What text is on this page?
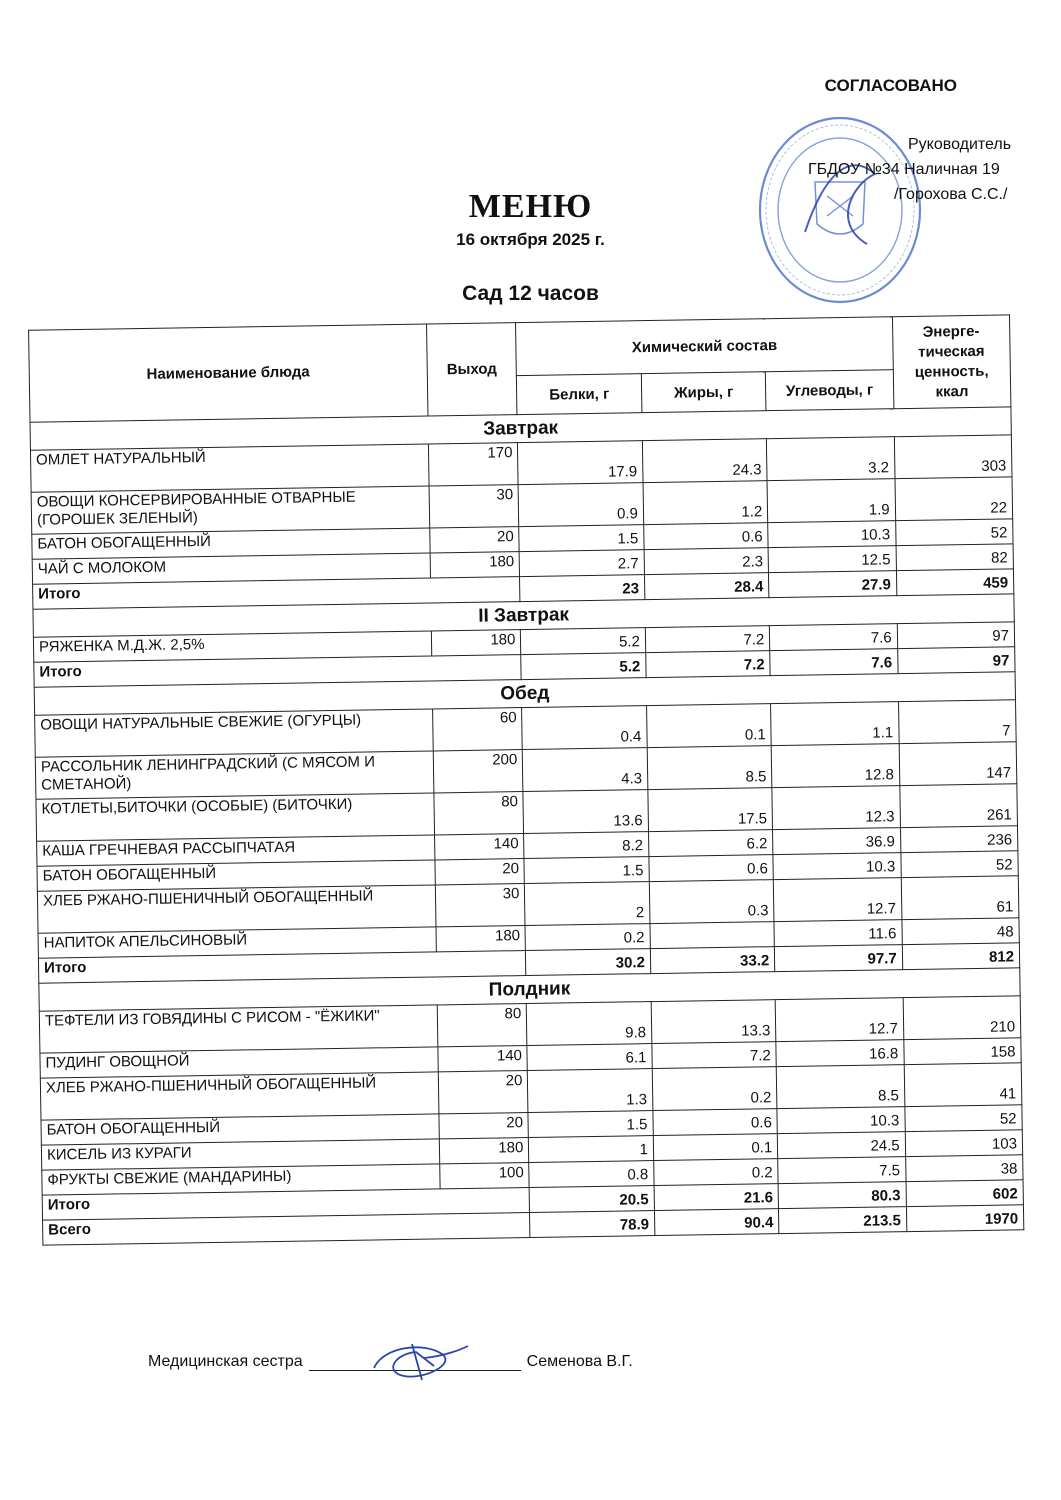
СОГЛАСОВАНО
Руководитель
ГБДОУ №34 Наличная 19
/Горохова С.С./
МЕНЮ
16 октября 2025 г.
Сад 12 часов
Наименование блюда	Выход	Химический состав			Энерге-тическая ценность, ккал
		Белки, г	Жиры, г	Углеводы, г	
Завтрак					
ОМЛЕТ НАТУРАЛЬНЫЙ	170	17.9	24.3	3.2	303
ОВОЩИ КОНСЕРВИРОВАННЫЕ ОТВАРНЫЕ (ГОРОШЕК ЗЕЛЕНЫЙ)	30	0.9	1.2	1.9	22
БАТОН ОБОГАЩЕННЫЙ	20	1.5	0.6	10.3	52
ЧАЙ С МОЛОКОМ	180	2.7	2.3	12.5	82
Итого		23	28.4	27.9	459
II Завтрак					
РЯЖЕНКА М.Д.Ж. 2,5%	180	5.2	7.2	7.6	97
Итого		5.2	7.2	7.6	97
Обед					
ОВОЩИ НАТУРАЛЬНЫЕ СВЕЖИЕ (ОГУРЦЫ)	60	0.4	0.1	1.1	7
РАССОЛЬНИК ЛЕНИНГРАДСКИЙ (С МЯСОМ И СМЕТАНОЙ)	200	4.3	8.5	12.8	147
КОТЛЕТЫ,БИТОЧКИ (ОСОБЫЕ) (БИТОЧКИ)	80	13.6	17.5	12.3	261
КАША ГРЕЧНЕВАЯ РАССЫПЧАТАЯ	140	8.2	6.2	36.9	236
БАТОН ОБОГАЩЕННЫЙ	20	1.5	0.6	10.3	52
ХЛЕБ РЖАНО-ПШЕНИЧНЫЙ ОБОГАЩЕННЫЙ	30	2	0.3	12.7	61
НАПИТОК АПЕЛЬСИНОВЫЙ	180	0.2		11.6	48
Итого		30.2	33.2	97.7	812
Полдник					
ТЕФТЕЛИ ИЗ ГОВЯДИНЫ С РИСОМ - "ЁЖИКИ"	80	9.8	13.3	12.7	210
ПУДИНГ ОВОЩНОЙ	140	6.1	7.2	16.8	158
ХЛЕБ РЖАНО-ПШЕНИЧНЫЙ ОБОГАЩЕННЫЙ	20	1.3	0.2	8.5	41
БАТОН ОБОГАЩЕННЫЙ	20	1.5	0.6	10.3	52
КИСЕЛЬ ИЗ КУРАГИ	180	1	0.1	24.5	103
ФРУКТЫ СВЕЖИЕ (МАНДАРИНЫ)	100	0.8	0.2	7.5	38
Итого		20.5	21.6	80.3	602
Всего		78.9	90.4	213.5	1970
Медицинская сестра	Семенова В.Г.
